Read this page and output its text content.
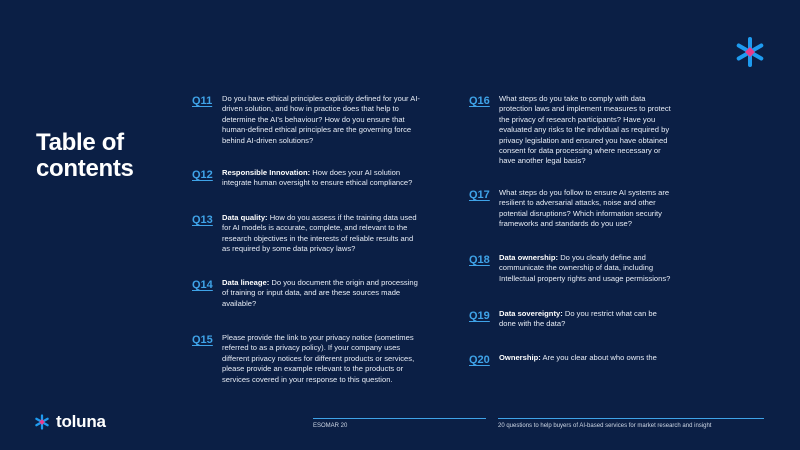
Table of contents
Q11	Do you have ethical principles explicitly defined for your AI-driven solution, and how in practice does that help to determine the AI’s behaviour? How do you ensure that human-defined ethical principles are the governing force behind AI-driven solutions?
Q12	Responsible Innovation: How does your AI solution integrate human oversight to ensure ethical compliance?
Q13	Data quality: How do you assess if the training data used for AI models is accurate, complete, and relevant to the research objectives in the interests of reliable results and as required by some data privacy laws?
Q14	Data lineage: Do you document the origin and processing of training or input data, and are these sources made available?
Q15	Please provide the link to your privacy notice (sometimes referred to as a privacy policy). If your company uses different privacy notices for different products or services, please provide an example relevant to the products or services covered in your response to this question.
Q16	What steps do you take to comply with data protection laws and implement measures to protect the privacy of research participants? Have you evaluated any risks to the individual as required by privacy legislation and ensured you have obtained consent for data processing where necessary or have another legal basis?
Q17	What steps do you follow to ensure AI systems are resilient to adversarial attacks, noise and other potential disruptions? Which information security frameworks and standards do you use?
Q18	Data ownership: Do you clearly define and communicate the ownership of data, including Intellectual property rights and usage permissions?
Q19	Data sovereignty: Do you restrict what can be done with the data?
Q20	Ownership: Are you clear about who owns the
toluna	ESOMAR 20	20 questions to help buyers of AI-based services for market research and insight
